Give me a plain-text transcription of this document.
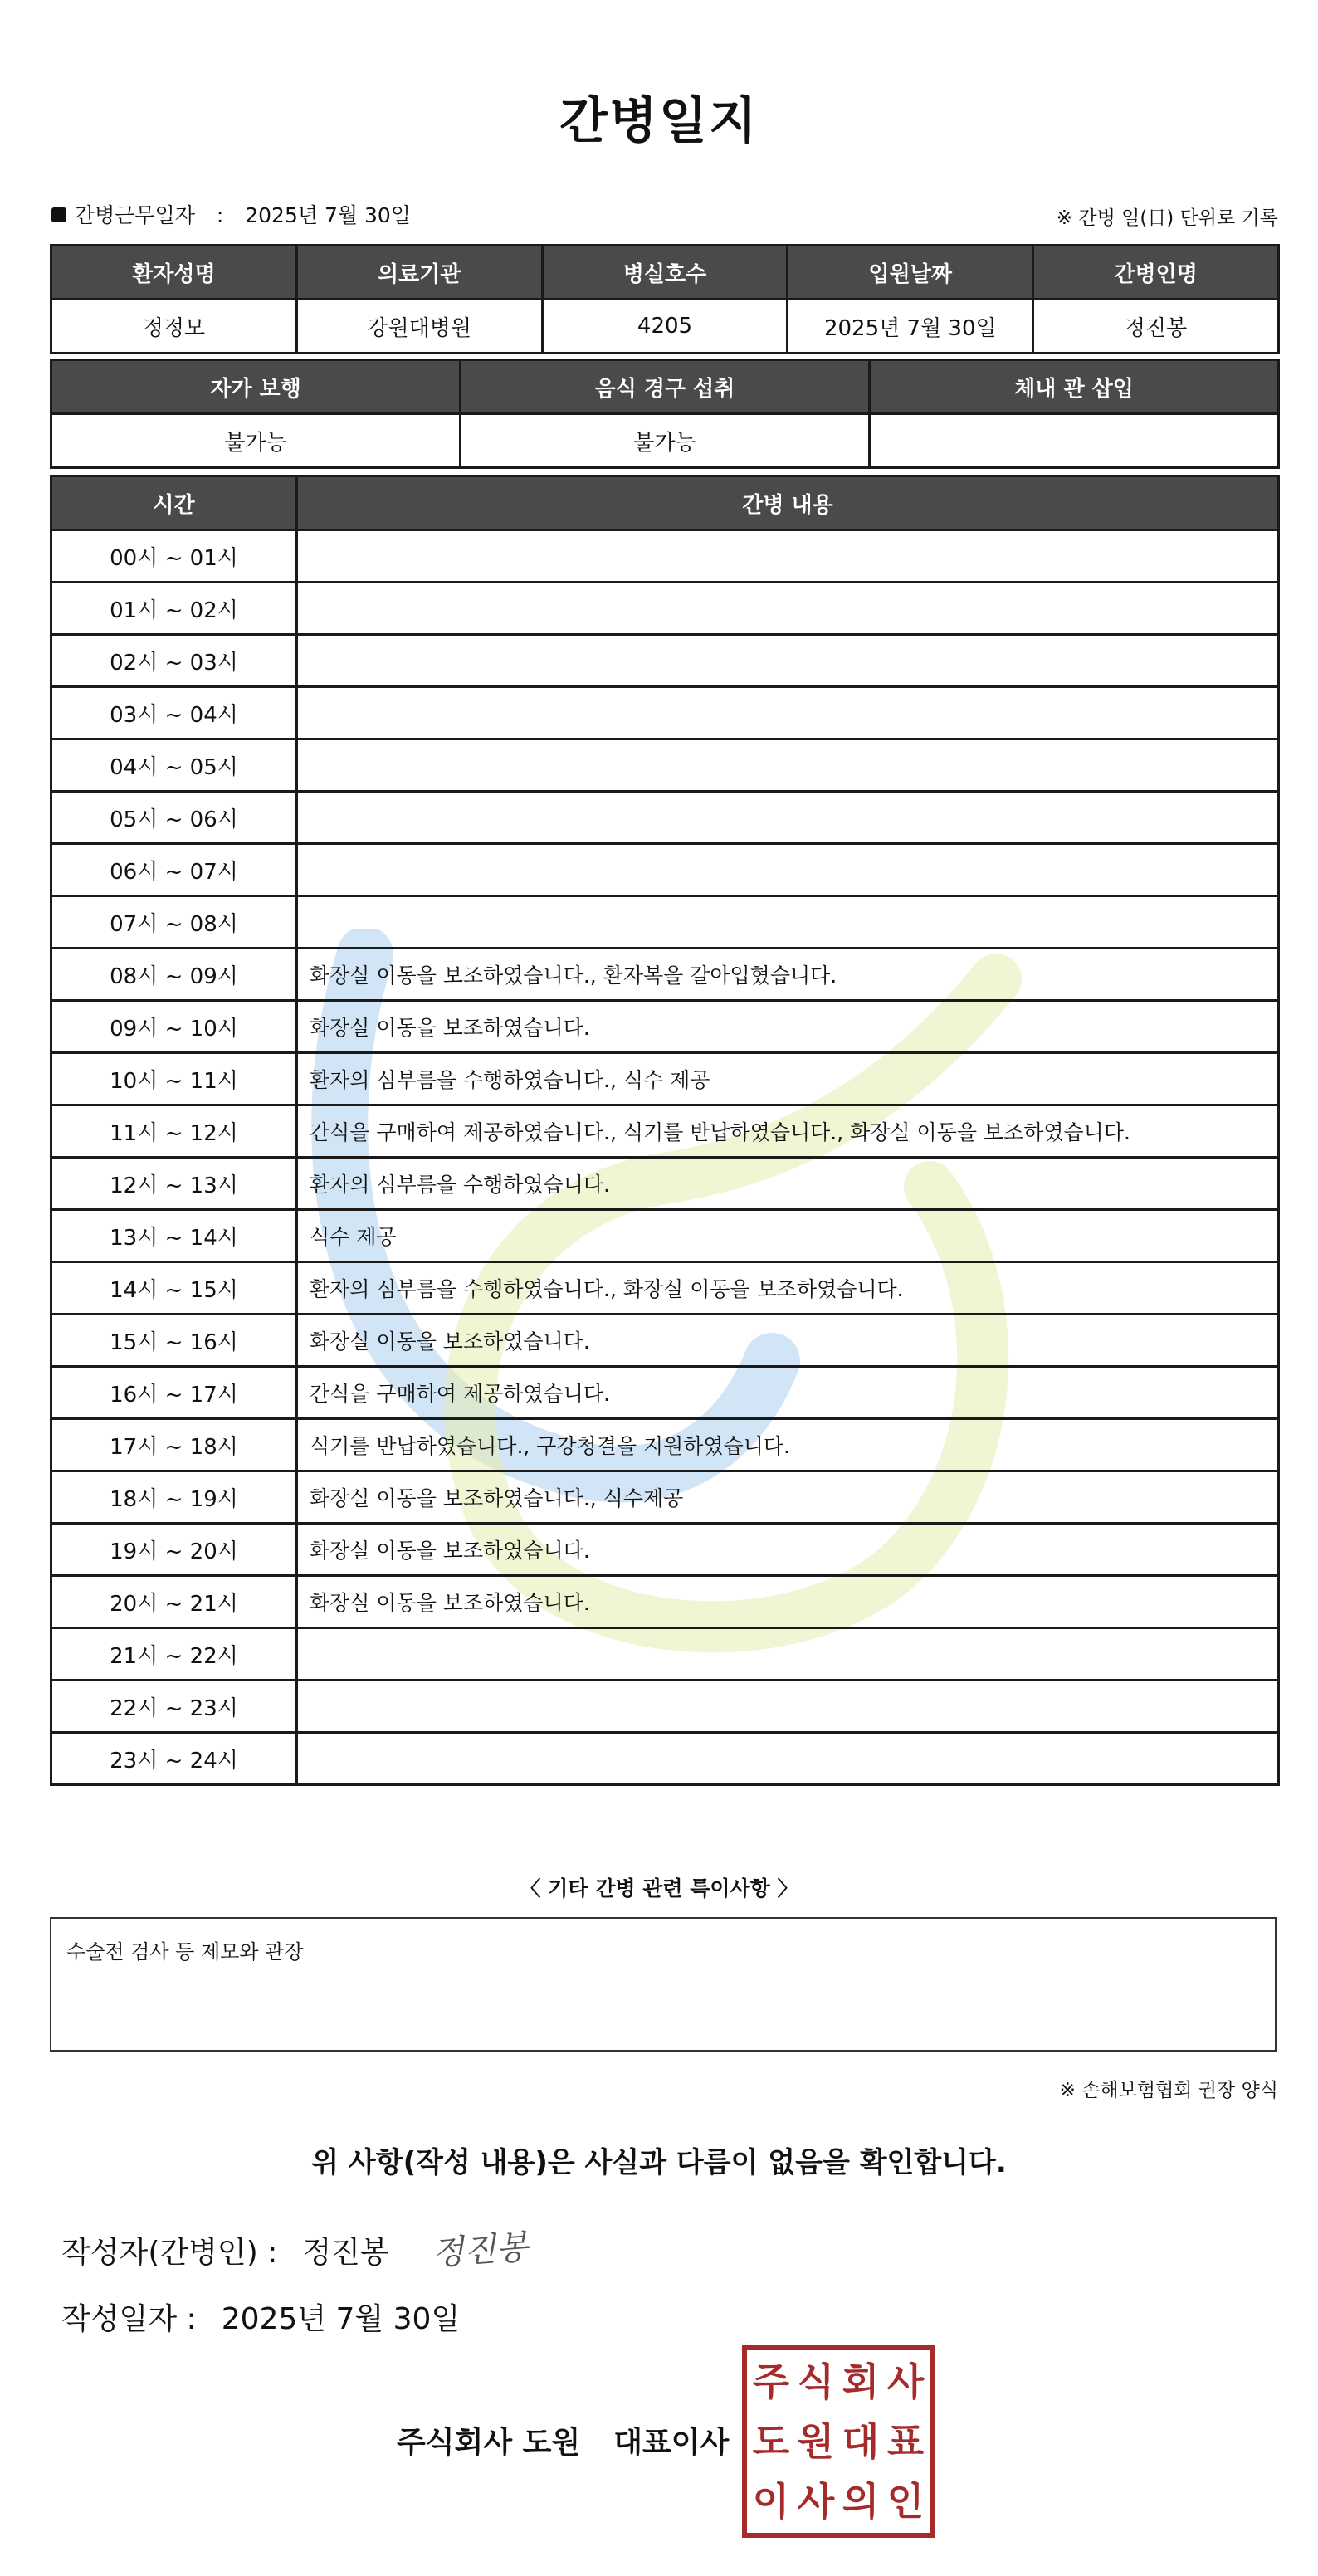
간병일지
간병근무일자 : 2025년 7월 30일	※ 간병 일(日) 단위로 기록
환자성명	의료기관	병실호수	입원날짜	간병인명
정정모	강원대병원	4205	2025년 7월 30일	정진봉
자가 보행	음식 경구 섭취	체내 관 삽입
불가능	불가능	
시간	간병 내용
00시 ~ 01시	
01시 ~ 02시	
02시 ~ 03시	
03시 ~ 04시	
04시 ~ 05시	
05시 ~ 06시	
06시 ~ 07시	
07시 ~ 08시	
08시 ~ 09시	화장실 이동을 보조하였습니다., 환자복을 갈아입혔습니다.
09시 ~ 10시	화장실 이동을 보조하였습니다.
10시 ~ 11시	환자의 심부름을 수행하였습니다., 식수 제공
11시 ~ 12시	간식을 구매하여 제공하였습니다., 식기를 반납하였습니다., 화장실 이동을 보조하였습니다.
12시 ~ 13시	환자의 심부름을 수행하였습니다.
13시 ~ 14시	식수 제공
14시 ~ 15시	환자의 심부름을 수행하였습니다., 화장실 이동을 보조하였습니다.
15시 ~ 16시	화장실 이동을 보조하였습니다.
16시 ~ 17시	간식을 구매하여 제공하였습니다.
17시 ~ 18시	식기를 반납하였습니다., 구강청결을 지원하였습니다.
18시 ~ 19시	화장실 이동을 보조하였습니다., 식수제공
19시 ~ 20시	화장실 이동을 보조하였습니다.
20시 ~ 21시	화장실 이동을 보조하였습니다.
21시 ~ 22시	
22시 ~ 23시	
23시 ~ 24시	
〈 기타 간병 관련 특이사항 〉
수술전 검사 등 제모와 관장
※ 손해보험협회 권장 양식
위 사항(작성 내용)은 사실과 다름이 없음을 확인합니다.
작성자(간병인) : 정진봉 정진봉
작성일자 : 2025년 7월 30일
주식회사 도원 대표이사
주 식 회 사
도 원 대 표
이 사 의 인
